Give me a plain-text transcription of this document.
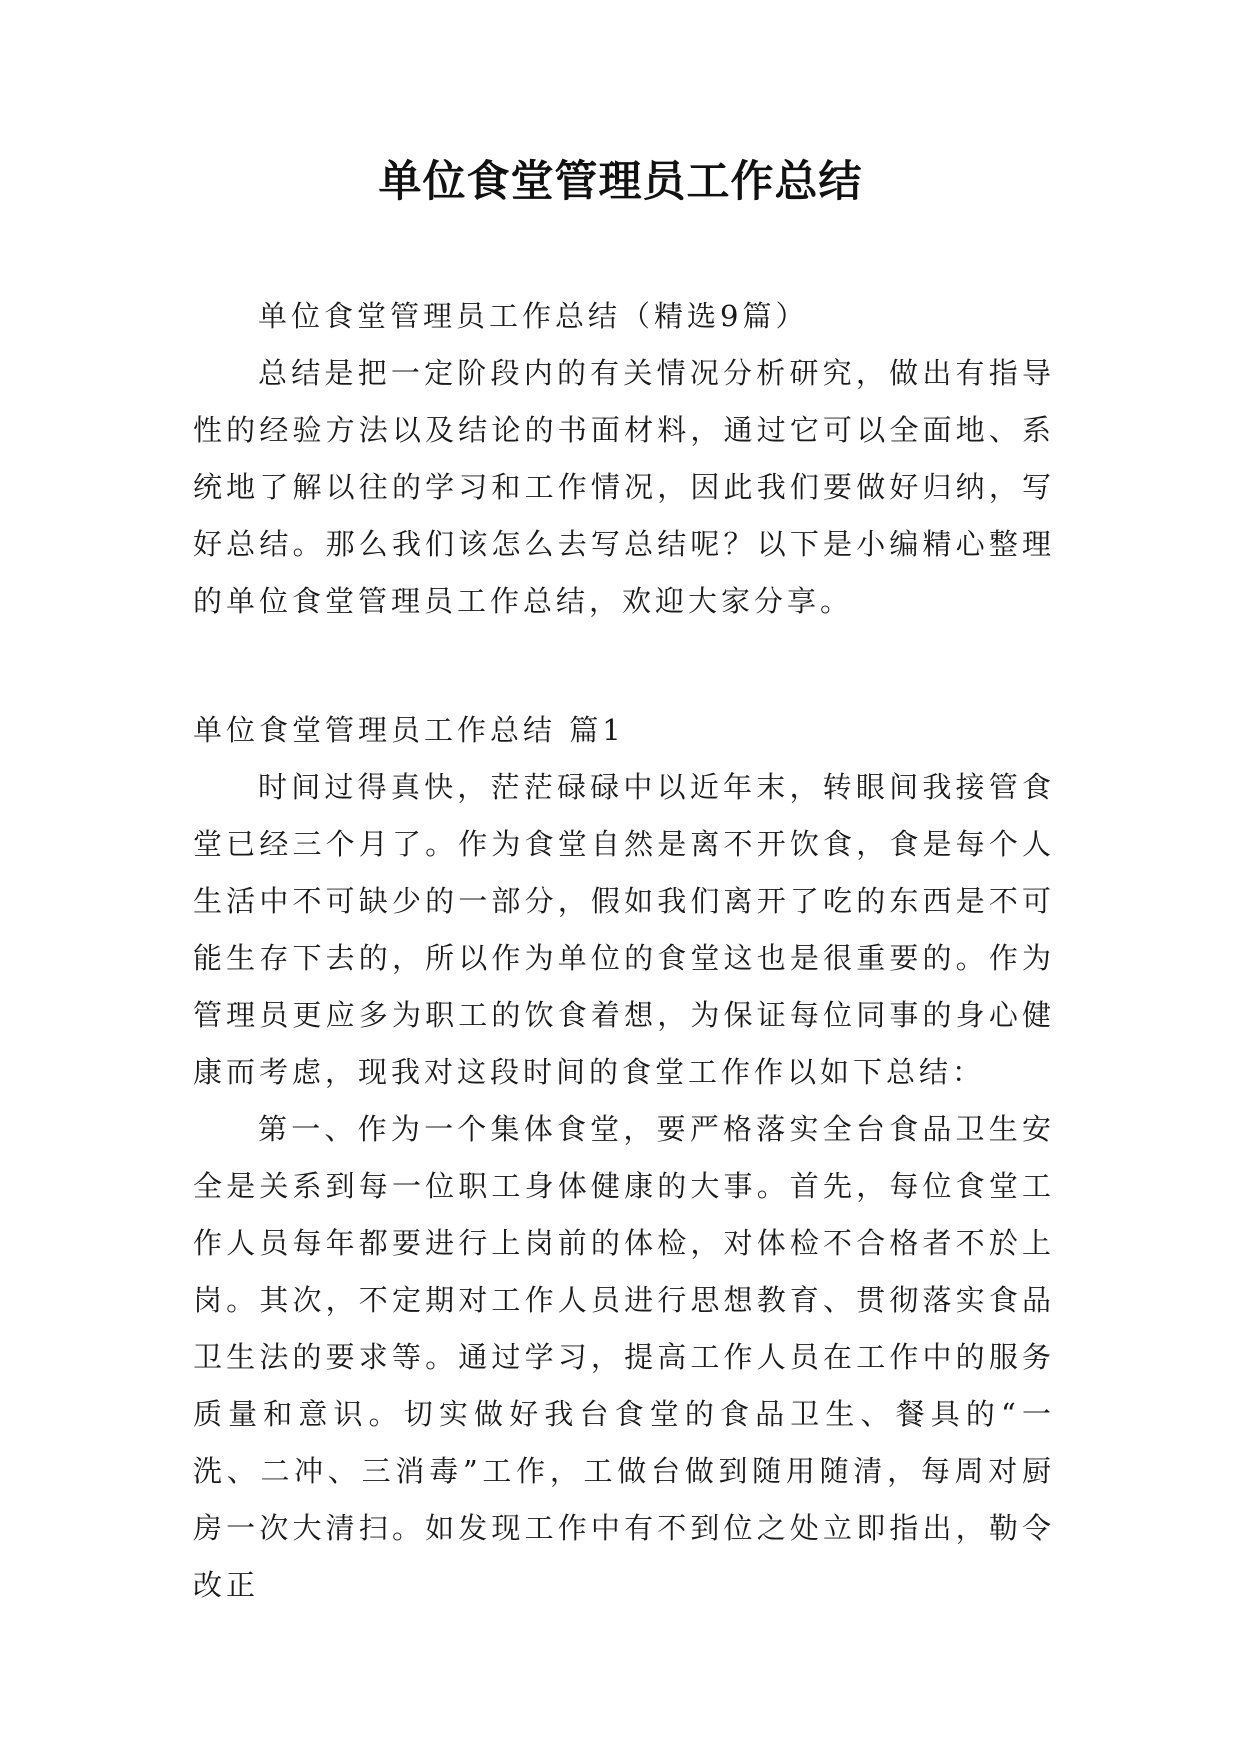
单位食堂管理员工作总结

单位食堂管理员工作总结（精选9篇）

总结是把一定阶段内的有关情况分析研究，做出有指导性的经验方法以及结论的书面材料，通过它可以全面地、系统地了解以往的学习和工作情况，因此我们要做好归纳，写好总结。那么我们该怎么去写总结呢？以下是小编精心整理的单位食堂管理员工作总结，欢迎大家分享。

单位食堂管理员工作总结 篇1

时间过得真快，茫茫碌碌中以近年末，转眼间我接管食堂已经三个月了。作为食堂自然是离不开饮食，食是每个人生活中不可缺少的一部分，假如我们离开了吃的东西是不可能生存下去的，所以作为单位的食堂这也是很重要的。作为管理员更应多为职工的饮食着想，为保证每位同事的身心健康而考虑，现我对这段时间的食堂工作作以如下总结：

第一、作为一个集体食堂，要严格落实全台食品卫生安全是关系到每一位职工身体健康的大事。首先，每位食堂工作人员每年都要进行上岗前的体检，对体检不合格者不於上岗。其次，不定期对工作人员进行思想教育、贯彻落实食品卫生法的要求等。通过学习，提高工作人员在工作中的服务质量和意识。切实做好我台食堂的食品卫生、餐具的“一洗、二冲、三消毒”工作，工做台做到随用随清，每周对厨房一次大清扫。如发现工作中有不到位之处立即指出，勒令改正
